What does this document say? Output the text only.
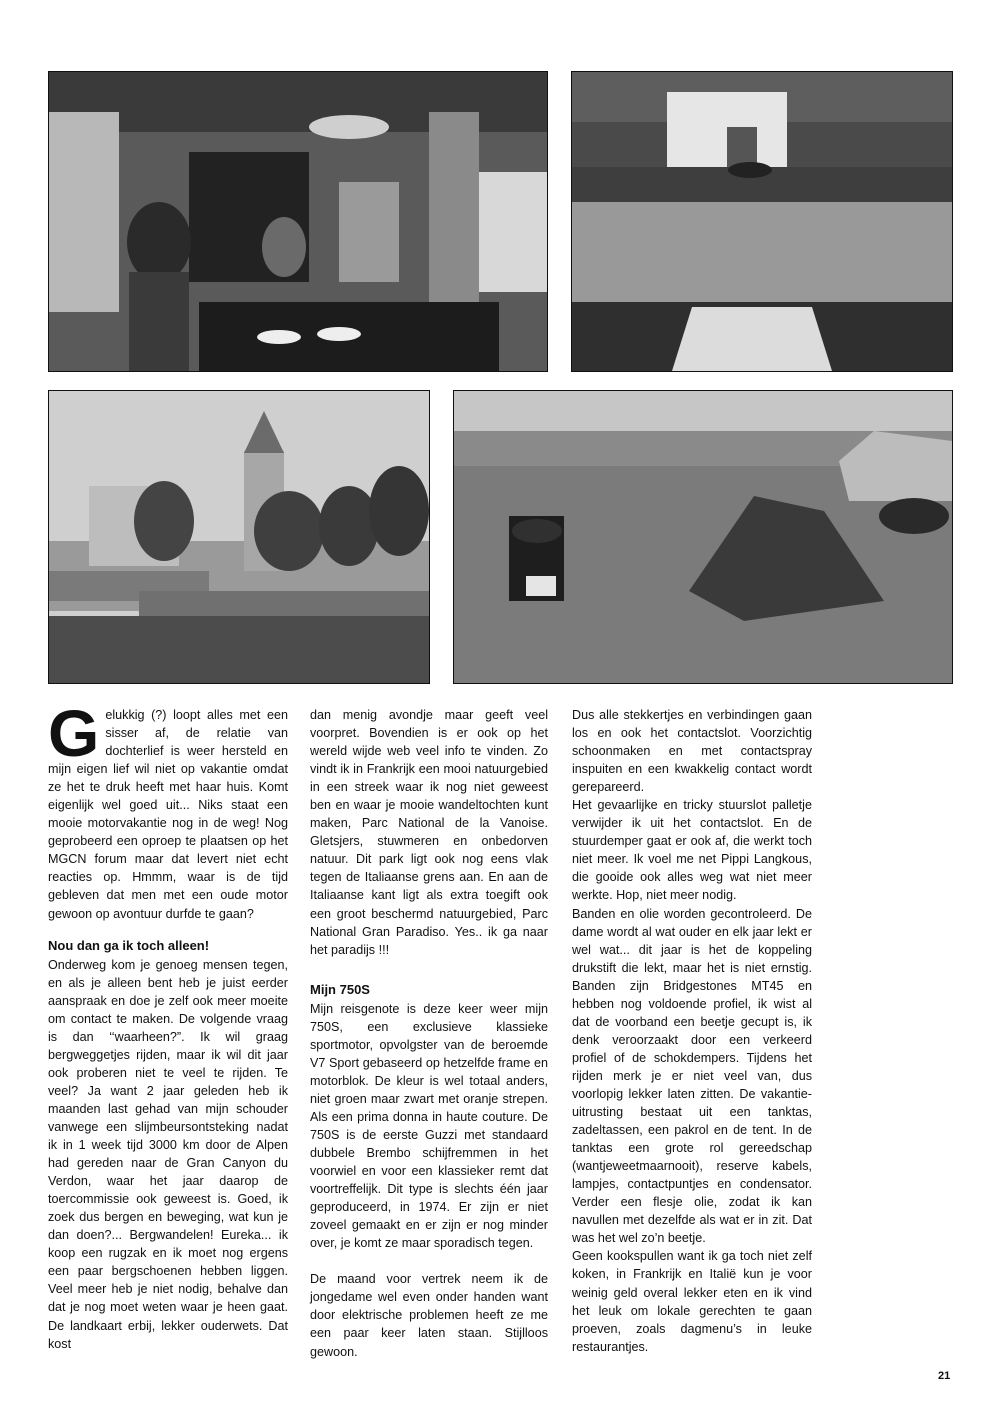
Gelukkig (?) loopt alles met een sisser af, de relatie van dochterlief is weer hersteld en mijn eigen lief wil niet op vakantie omdat ze het te druk heeft met haar huis. Komt eigenlijk wel goed uit... Niks staat een mooie motorvakantie nog in de weg! Nog geprobeerd een oproep te plaatsen op het MGCN forum maar dat levert niet echt reacties op. Hmmm, waar is de tijd gebleven dat men met een oude motor gewoon op avontuur durfde te gaan?

Nou dan ga ik toch alleen!

Onderweg kom je genoeg mensen tegen, en als je alleen bent heb je juist eerder aanspraak en doe je zelf ook meer moeite om contact te maken. De volgende vraag is dan ‘‘waarheen?”. Ik wil graag bergweggetjes rijden, maar ik wil dit jaar ook proberen niet te veel te rijden. Te veel? Ja want 2 jaar geleden heb ik maanden last gehad van mijn schouder vanwege een slijmbeursontsteking nadat ik in 1 week tijd 3000 km door de Alpen had gereden naar de Gran Canyon du Verdon, waar het jaar daarop de toercommissie ook geweest is. Goed, ik zoek dus bergen en beweging, wat kun je dan doen?... Bergwandelen! Eureka... ik koop een rugzak en ik moet nog ergens een paar bergschoenen hebben liggen. Veel meer heb je niet nodig, behalve dan dat je nog moet weten waar je heen gaat. De landkaart erbij, lekker ouderwets. Dat kost

dan menig avondje maar geeft veel voorpret. Bovendien is er ook op het wereld wijde web veel info te vinden. Zo vindt ik in Frankrijk een mooi natuurgebied in een streek waar ik nog niet geweest ben en waar je mooie wandeltochten kunt maken, Parc National de la Vanoise. Gletsjers, stuwmeren en onbedorven natuur. Dit park ligt ook nog eens vlak tegen de Italiaanse grens aan. En aan de Italiaanse kant ligt als extra toegift ook een groot beschermd natuurgebied, Parc National Gran Paradiso. Yes.. ik ga naar het paradijs !!!

Mijn 750S

Mijn reisgenote is deze keer weer mijn 750S, een exclusieve klassieke sportmotor, opvolgster van de beroemde V7 Sport gebaseerd op hetzelfde frame en motorblok. De kleur is wel totaal anders, niet groen maar zwart met oranje strepen. Als een prima donna in haute couture. De 750S is de eerste Guzzi met standaard dubbele Brembo schijfremmen in het voorwiel en voor een klassieker remt dat voortreffelijk. Dit type is slechts één jaar geproduceerd, in 1974. Er zijn er niet zoveel gemaakt en er zijn er nog minder over, je komt ze maar sporadisch tegen.

De maand voor vertrek neem ik de jongedame wel even onder handen want door elektrische problemen heeft ze me een paar keer laten staan. Stijlloos gewoon.

Dus alle stekkertjes en verbindingen gaan los en ook het contactslot. Voorzichtig schoonmaken en met contactspray inspuiten en een kwakkelig contact wordt gerepareerd.

Het gevaarlijke en tricky stuurslot palletje verwijder ik uit het contactslot. En de stuurdemper gaat er ook af, die werkt toch niet meer. Ik voel me net Pippi Langkous, die gooide ook alles weg wat niet meer werkte. Hop, niet meer nodig.

Banden en olie worden gecontroleerd. De dame wordt al wat ouder en elk jaar lekt er wel wat... dit jaar is het de koppeling drukstift die lekt, maar het is niet ernstig. Banden zijn Bridgestones MT45 en hebben nog voldoende profiel, ik wist al dat de voorband een beetje gecupt is, ik denk veroorzaakt door een verkeerd profiel of de schokdempers. Tijdens het rijden merk je er niet veel van, dus voorlopig lekker laten zitten. De vakantie-uitrusting bestaat uit een tanktas, zadeltassen, een pakrol en de tent. In de tanktas een grote rol gereedschap (wantjeweetmaarnooit), reserve kabels, lampjes, contactpuntjes en condensator. Verder een flesje olie, zodat ik kan navullen met dezelfde als wat er in zit. Dat was het wel zo’n beetje.

Geen kookspullen want ik ga toch niet zelf koken, in Frankrijk en Italië kun je voor weinig geld overal lekker eten en ik vind het leuk om lokale gerechten te gaan proeven, zoals dagmenu’s in leuke restaurantjes.

21
